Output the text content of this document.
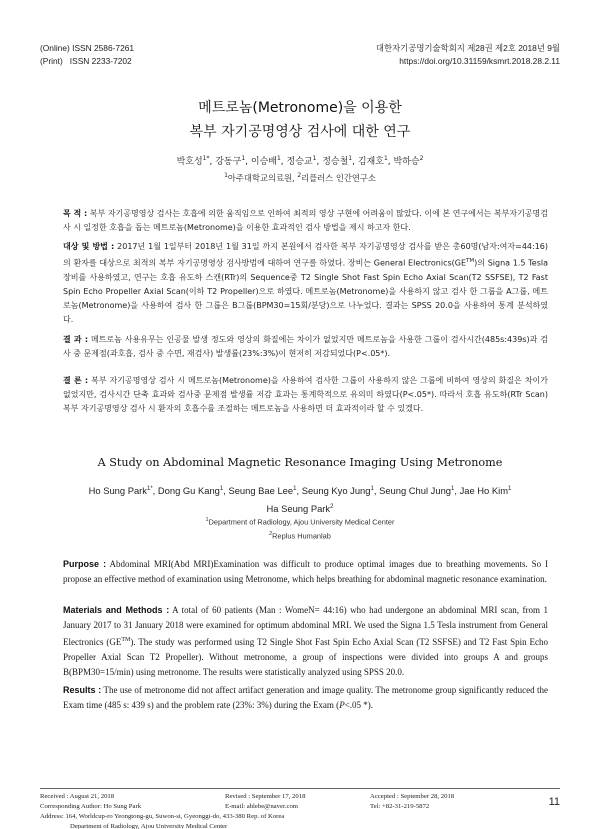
(Online) ISSN 2586-7261
(Print)   ISSN 2233-7202
대한자기공명기술학회지 제28권 제2호 2018년 9월
https://doi.org/10.31159/ksmrt.2018.28.2.11
메트로놈(Metronome)을 이용한
복부 자기공명영상 검사에 대한 연구
박호성$^{1*}$, 강동구$^1$, 이승배$^1$, 정승교$^1$, 정승철$^1$, 김재호$^1$, 박하승$^2$
$^1$아주대학교의료원, $^2$리플러스 인간연구소
목 적 : 복부 자기공명영상 검사는 호흡에 의한 움직임으로 인하여 최적의 영상 구현에 어려움이 많았다. 이에 본 연구에서는 복부자기공명검사 시 일정한 호흡을 돕는 메트로놈(Metronome)을 이용한 효과적인 검사 방법을 제시 하고자 한다.
대상 및 방법 : 2017년 1월 1일부터 2018년 1월 31일 까지 본원에서 검사한 복부 자기공명영상 검사를 받은 총60명(남자:여자=44:16)의 환자를 대상으로 최적의 복부 자기공명영상 검사방법에 대하여 연구를 하였다. 장비는 General Electronics(GE™)의 Signa 1.5 Tesla 장비를 사용하였고, 연구는 호흡 유도하 스캔(RTr)의 Sequence중 T2 Single Shot Fast Spin Echo Axial Scan(T2 SSFSE), T2 Fast Spin Echo Propeller Axial Scan(이하 T2 Propeller)으로 하였다. 메트로놈(Metronome)을 사용하지 않고 검사 한 그룹을 A그룹, 메트로놈(Metronome)을 사용하여 검사 한 그룹은 B그룹(BPM30=15회/분당)으로 나누었다. 결과는 SPSS 20.0을 사용하여 통계 분석하였다.
결 과 : 메트로놈 사용유무는 인공물 발생 정도와 영상의 화질에는 차이가 없었지만 메트로놈을 사용한 그룹이 검사시간(485s:439s)과 검사 중 문제점(과호흡, 검사 중 수면, 재검사) 발생률(23%:3%)이 현저히 저감되었다(P<.05*).
결 론 : 복부 자기공명영상 검사 시 메트로놈(Metronome)을 사용하여 검사한 그룹이 사용하지 않은 그룹에 비하여 영상의 화질은 차이가 없었지만, 검사시간 단축 효과와 검사중 문제점 발생률 저감 효과는 통계학적으로 유의미 하였다(P<.05*). 따라서 호흡 유도하(RTr Scan) 복부 자기공명영상 검사 시 환자의 호흡수를 조절하는 메트로놈을 사용하면 더 효과적이라 할 수 있겠다.
A Study on Abdominal Magnetic Resonance Imaging Using Metronome
Ho Sung Park$^{1*}$, Dong Gu Kang$^1$, Seung Bae Lee$^1$, Seung Kyo Jung$^1$, Seung Chul Jung$^1$, Jae Ho Kim$^1$
Ha Seung Park$^2$
$^1$Department of Radiology, Ajou University Medical Center
$^2$Replus Humanlab
Purpose : Abdominal MRI(Abd MRI)Examination was difficult to produce optimal images due to breathing movements. So I propose an effective method of examination using Metronome, which helps breathing for abdominal magnetic resonance examination.
Materials and Methods : A total of 60 patients (Man : WomeN= 44:16) who had undergone an abdominal MRI scan, from 1 January 2017 to 31 January 2018 were examined for optimum abdominal MRI. We used the Signa 1.5 Tesla instrument from General Electronics (GE™). The study was performed using T2 Single Shot Fast Spin Echo Axial Scan (T2 SSFSE) and T2 Fast Spin Echo Propeller Axial Scan T2 Propeller). Without metronome, a group of inspections were divided into groups A and groups B(BPM30=15/min) using metronome. The results were statistically analyzed using SPSS 20.0.
Results : The use of metronome did not affect artifact generation and image quality. The metronome group significantly reduced the Exam time (485 s: 439 s) and the problem rate (23%: 3%) during the Exam (P<.05 *).
Received : August 21, 2018	Revised : September 17, 2018	Accepted : September 28, 2018
Corresponding Author: Ho Sung Park	E-mail: ablebe@naver.com	Tel: +82-31-219-5872
Address: 164, Worldcup-ro Yeongtong-gu, Suwon-si, Gyeonggi-do, 433-380 Rep. of Korea
Department of Radiology, Ajou University Medical Center
11
